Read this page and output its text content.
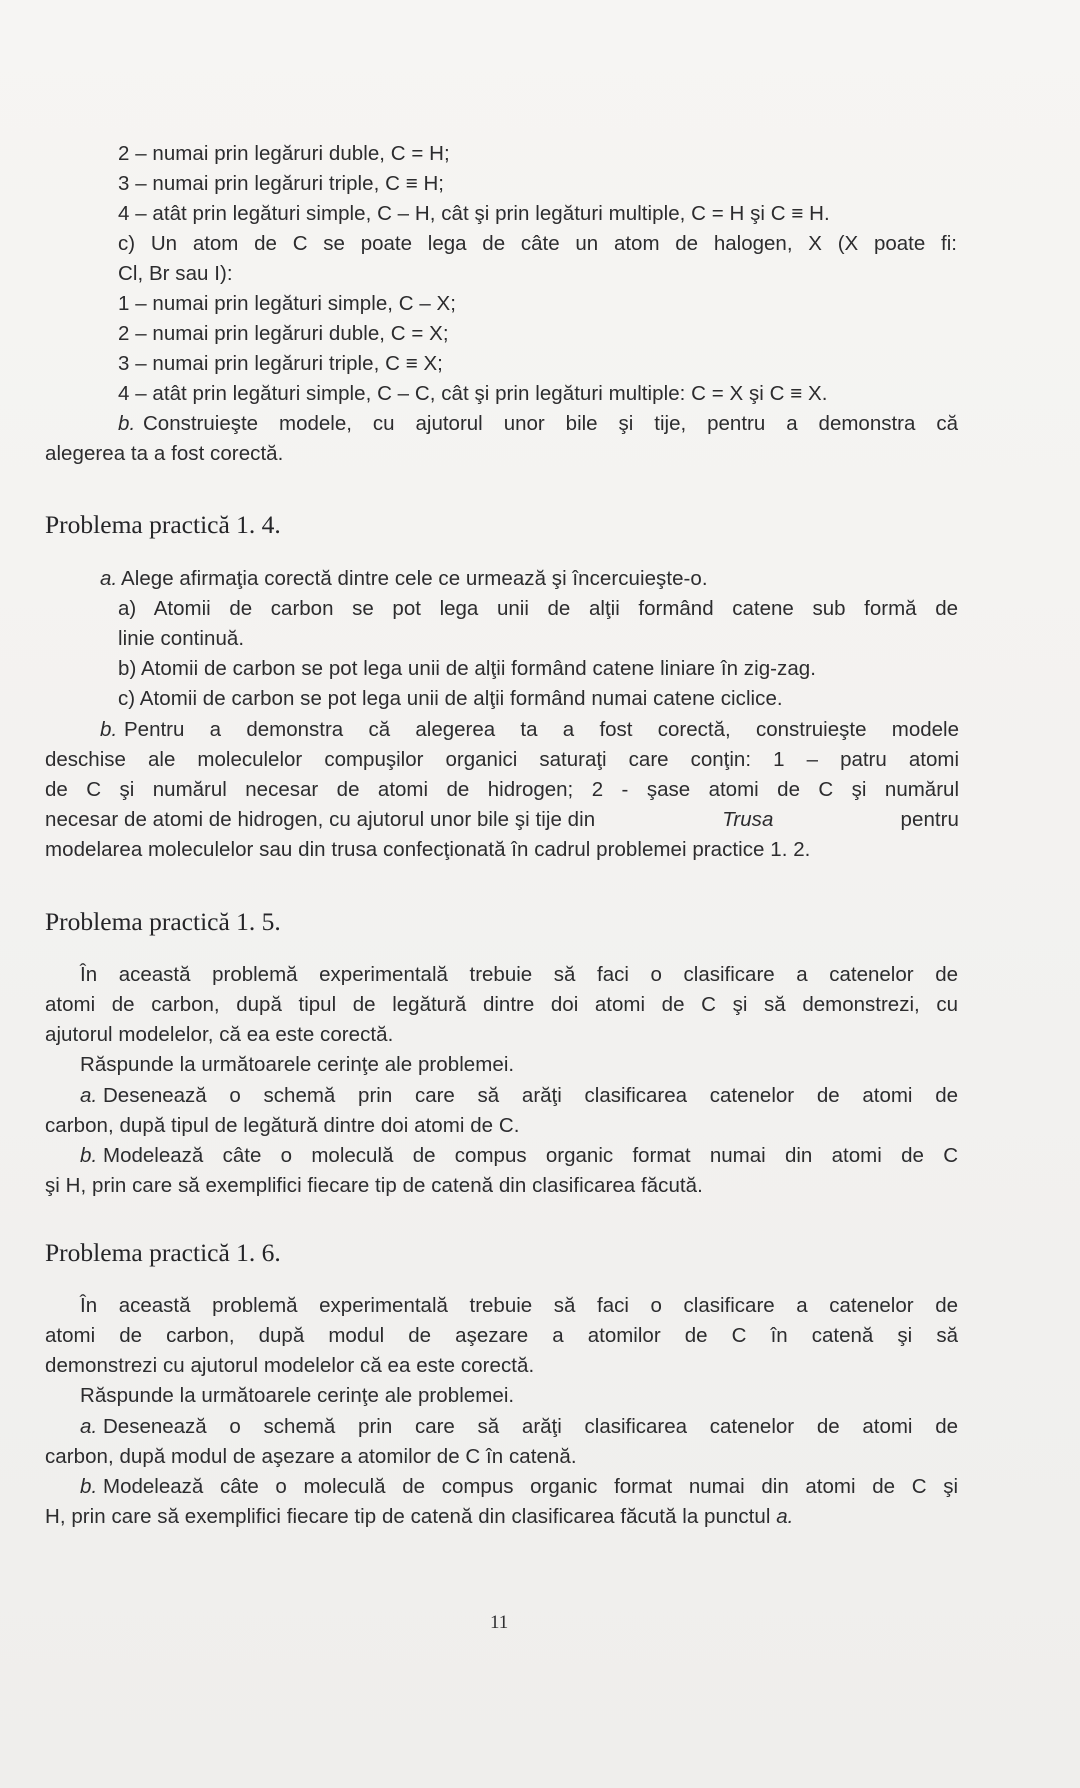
2 – numai prin legăruri duble, C = H;
3 – numai prin legăruri triple, C ≡ H;
4 – atât prin legături simple, C – H, cât şi prin legături multiple, C = H şi C ≡ H.
c) Un atom de C se poate lega de câte un atom de halogen, X (X poate fi:
Cl, Br sau I):
1 – numai prin legături simple, C – X;
2 – numai prin legăruri duble, C = X;
3 – numai prin legăruri triple, C ≡ X;
4 – atât prin legături simple, C – C, cât şi prin legături multiple: C = X şi C ≡ X.
b. Construieşte modele, cu ajutorul unor bile şi tije, pentru a demonstra că
alegerea ta a fost corectă.
Problema practică 1. 4.
a. Alege afirmaţia corectă dintre cele ce urmează şi încercuieşte-o.
a) Atomii de carbon se pot lega unii de alţii formând catene sub formă de
linie continuă.
b) Atomii de carbon se pot lega unii de alţii formând catene liniare în zig-zag.
c) Atomii de carbon se pot lega unii de alţii formând numai catene ciclice.
b. Pentru a demonstra că alegerea ta a fost corectă, construieşte modele
deschise ale moleculelor compuşilor organici saturaţi care conţin: 1 – patru atomi
de C şi numărul necesar de atomi de hidrogen; 2 - şase atomi de C şi numărul
necesar de atomi de hidrogen, cu ajutorul unor bile şi tije din	Trusa	pentru
modelarea moleculelor sau din trusa confecţionată în cadrul problemei practice 1. 2.
Problema practică 1. 5.
În această problemă experimentală trebuie să faci o clasificare a catenelor de
atomi de carbon, după tipul de legătură dintre doi atomi de C şi să demonstrezi, cu
ajutorul modelelor, că ea este corectă.
Răspunde la următoarele cerinţe ale problemei.
a. Desenează o schemă prin care să arăţi clasificarea catenelor de atomi de
carbon, după tipul de legătură dintre doi atomi de C.
b. Modelează câte o moleculă de compus organic format numai din atomi de C
şi H, prin care să exemplifici fiecare tip de catenă din clasificarea făcută.
Problema practică 1. 6.
În această problemă experimentală trebuie să faci o clasificare a catenelor de
atomi de carbon, după modul de aşezare a atomilor de C în catenă şi să
demonstrezi cu ajutorul modelelor că ea este corectă.
Răspunde la următoarele cerinţe ale problemei.
a. Desenează o schemă prin care să arăţi clasificarea catenelor de atomi de
carbon, după modul de aşezare a atomilor de C în catenă.
b. Modelează câte o moleculă de compus organic format numai din atomi de C şi
H, prin care să exemplifici fiecare tip de catenă din clasificarea făcută la punctul a.
11
